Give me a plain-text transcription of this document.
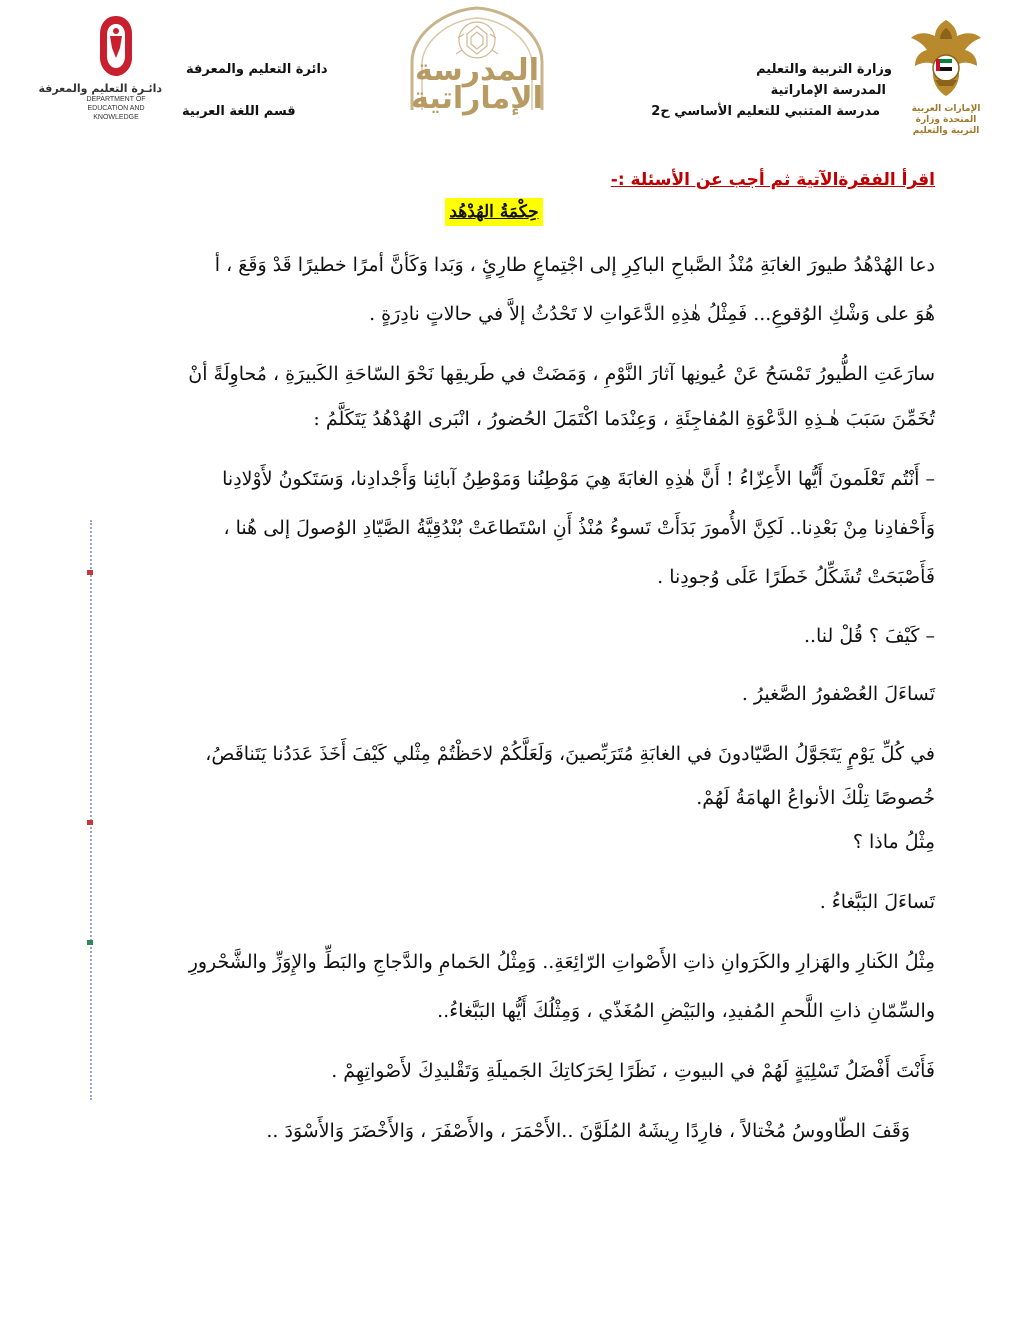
الإمارات العربية المتحدة وزارة التربية والتعليم
وزارة التربية والتعليم
المدرسة الإماراتية
مدرسة المتنبي للتعليم الأساسي ح2
المدرسة
الإماراتية
دائرة التعليم والمعرفة
قسم اللغة العربية
دائـرة التعليم والمعرفة
DEPARTMENT OF EDUCATION AND KNOWLEDGE
اقرأ الفقرةالآتية ثم أجب عن الأسئلة :-
حِكْمَةُ الهُدْهُد
دعا الهُدْهُدُ طيورَ الغابَةِ مُنْذُ الصَّباحِ الباكِرِ إلى اجْتِماعٍ طارِئٍ ، وَبَدا وَكَأنَّ أمرًا خطيرًا قَدْ وَقَعَ ، أ
هُوَ على وَشْكِ الوُقوعِ... فَمِثْلُ هٰذِهِ الدَّعَواتِ لا تَحْدُثُ إلاَّ في حالاتٍ نادِرَةٍ .
سارَعَتِ الطُّيورُ تَمْسَحُ عَنْ عُيونِها آثارَ النَّوْمِ ، وَمَضَتْ في طَريقِها نَحْوَ السّاحَةِ الكَبيرَةِ ، مُحاوِلَةً أنْ
تُخَمِّنَ سَبَبَ هٰـذِهِ الدَّعْوَةِ المُفاجِئَةِ ، وَعِنْدَما اكْتَمَلَ الحُضورُ ، انْبَرى الهُدْهُدُ يَتَكَلَّمُ :
– أَنْتُم تَعْلَمونَ أَيُّها الأَعِزّاءُ ! أَنَّ هٰذِهِ الغابَةَ هِيَ مَوْطِنُنا وَمَوْطِنُ آبائِنا وَأَجْدادِنا، وَسَتَكونُ لأَوْلادِنا
وَأَحْفادِنا مِنْ بَعْدِنا.. لَكِنَّ الأُمورَ بَدَأَتْ تَسوءُ مُنْذُ أَنِ اسْتَطاعَتْ بُنْدُقِيَّةُ الصَّيّادِ الوُصولَ إلى هُنا ،
فَأَصْبَحَتْ تُشَكِّلُ خَطَرًا عَلَى وُجودِنا .
– كَيْفَ ؟ قُلْ لنا..
تَساءَلَ العُصْفورُ الصَّغيرُ .
في كُلِّ يَوْمٍ يَتَجَوَّلُ الصَّيّادونَ في الغابَةِ مُتَرَبِّصينَ، وَلَعَلَّكُمْ لاحَظْتُمْ مِثْلي كَيْفَ أَخَذَ عَدَدُنا يَتَناقَصُ،
خُصوصًا تِلْكَ الأنواعُ الهامَةُ لَهُمْ.
مِثْلُ ماذا ؟
تَساءَلَ البَبَّغاءُ .
مِثْلُ الكَنارِ والهَزارِ والكَرَوانِ ذاتِ الأَصْواتِ الرّائِعَةِ.. وَمِثْلُ الحَمامِ والدَّجاجِ والبَطِّ والإِوَزِّ والشَّحْرورِ
والسِّمّانِ ذاتِ اللَّحمِ المُفيدِ، والبَيْضِ المُغَذّي ، وَمِثْلُكَ أَيُّها البَبَّغاءُ..
فَأَنْتَ أَفْضَلُ تَسْلِيَةٍ لَهُمْ في البيوتِ ، نَظَرًا لِحَرَكاتِكَ الجَميلَةِ وَتَقْليدِكَ لأَصْواتِهِمْ .
وَقَفَ الطّاووسُ مُخْتالاً ، فارِدًا رِيشَهُ المُلَوَّنَ ..الأَحْمَرَ ، والأَصْفَرَ ، وَالأَخْضَرَ وَالأَسْوَدَ ..
